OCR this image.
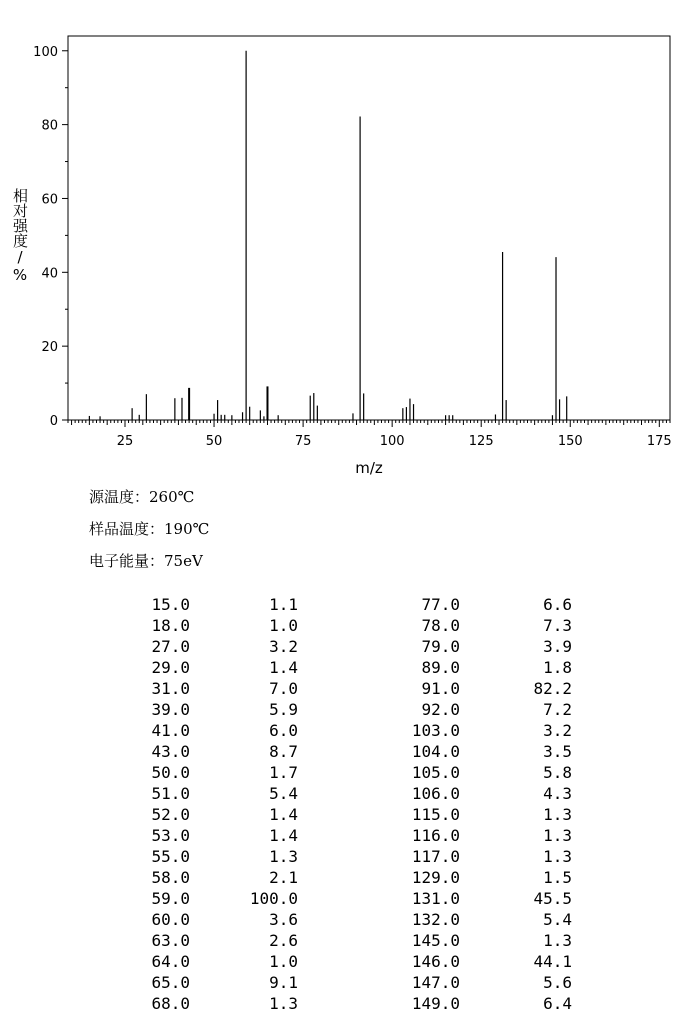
0
20
40
60
80
100
25	50	75	100	125	150	175
m/z
相对强度/%
源温度：260℃
样品温度：190℃
电子能量：75eV
15.0	1.1	77.0	6.6
18.0	1.0	78.0	7.3
27.0	3.2	79.0	3.9
29.0	1.4	89.0	1.8
31.0	7.0	91.0	82.2
39.0	5.9	92.0	7.2
41.0	6.0	103.0	3.2
43.0	8.7	104.0	3.5
50.0	1.7	105.0	5.8
51.0	5.4	106.0	4.3
52.0	1.4	115.0	1.3
53.0	1.4	116.0	1.3
55.0	1.3	117.0	1.3
58.0	2.1	129.0	1.5
59.0	100.0	131.0	45.5
60.0	3.6	132.0	5.4
63.0	2.6	145.0	1.3
64.0	1.0	146.0	44.1
65.0	9.1	147.0	5.6
68.0	1.3	149.0	6.4
